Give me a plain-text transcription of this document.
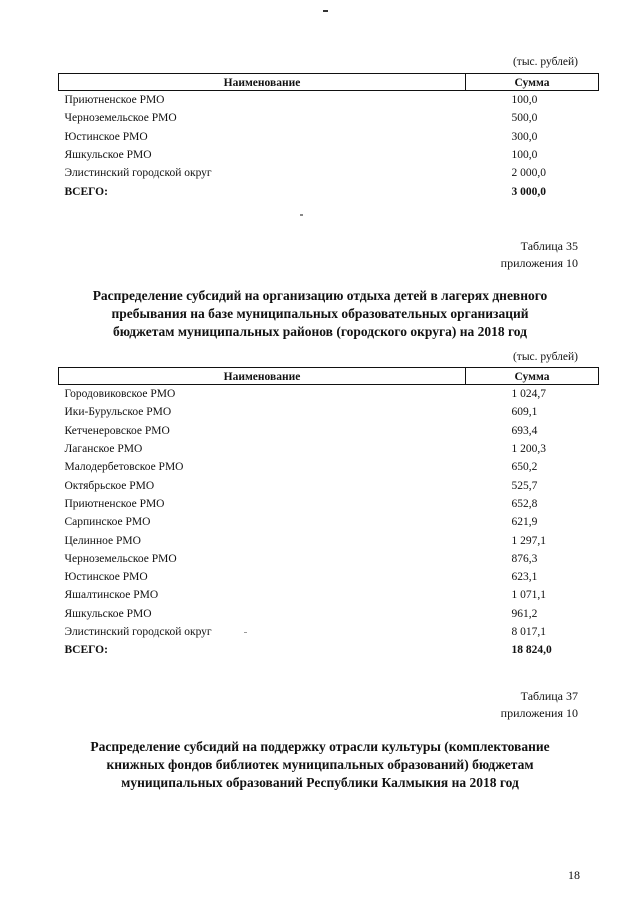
(тыс. рублей)
Наименование	Сумма
Приютненское РМО	100,0
Черноземельское РМО	500,0
Юстинское РМО	300,0
Яшкульское РМО	100,0
Элистинский городской округ	2 000,0
ВСЕГО:	3 000,0
Таблица 35
приложения 10
Распределение субсидий на организацию отдыха детей в лагерях дневного
пребывания на базе муниципальных образовательных организаций
бюджетам муниципальных районов (городского округа) на 2018 год
(тыс. рублей)
Наименование	Сумма
Городовиковское РМО	1 024,7
Ики-Бурульское РМО	609,1
Кетченеровское РМО	693,4
Лаганское РМО	1 200,3
Малодербетовское РМО	650,2
Октябрьское РМО	525,7
Приютненское РМО	652,8
Сарпинское РМО	621,9
Целинное РМО	1 297,1
Черноземельское РМО	876,3
Юстинское РМО	623,1
Яшалтинское РМО	1 071,1
Яшкульское РМО	961,2
Элистинский городской округ	8 017,1
ВСЕГО:	18 824,0
Таблица 37
приложения 10
Распределение субсидий на поддержку отрасли культуры (комплектование
книжных фондов библиотек муниципальных образований) бюджетам
муниципальных образований Республики Калмыкия на 2018 год
18
